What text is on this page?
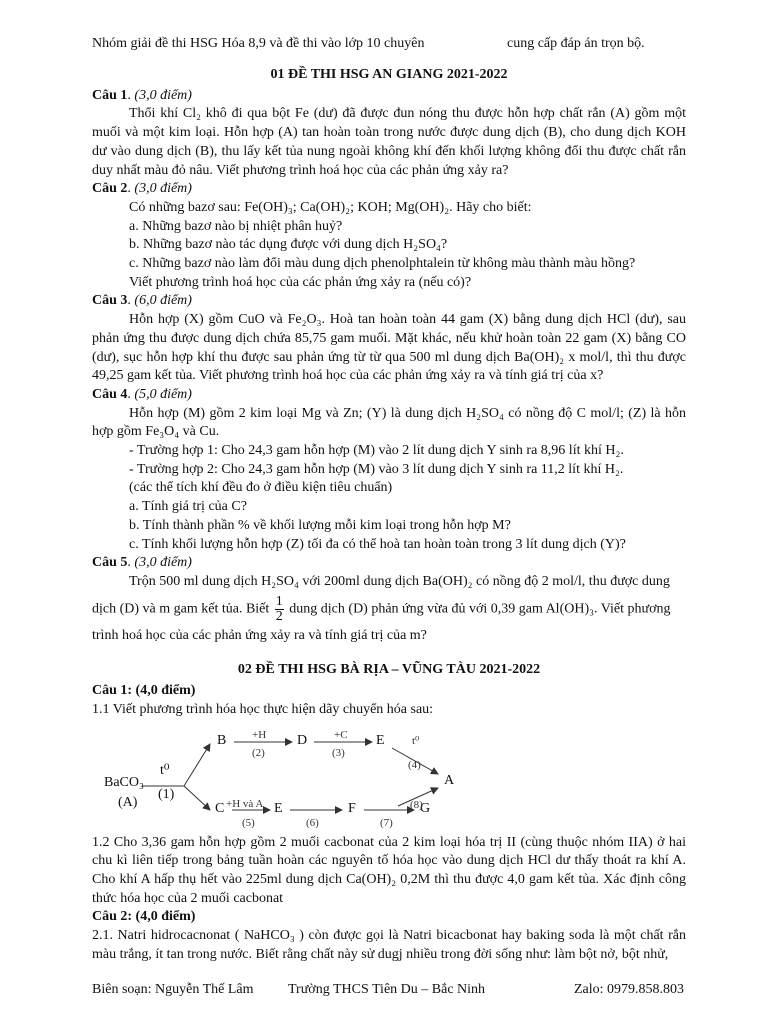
Nhóm giải đề thi HSG Hóa 8,9 và đề thi vào lớp 10 chuyên	cung cấp đáp án trọn bộ.

01 ĐỀ THI HSG AN GIANG 2021-2022

Câu 1. (3,0 điểm)

Thổi khí Cl₂ khô đi qua bột Fe (dư) đã được đun nóng thu được hỗn hợp chất rắn (A) gồm một muối và một kim loại. Hỗn hợp (A) tan hoàn toàn trong nước được dung dịch (B), cho dung dịch KOH dư vào dung dịch (B), thu lấy kết tủa nung ngoài không khí đến khối lượng không đổi thu được chất rắn duy nhất màu đỏ nâu. Viết phương trình hoá học của các phản ứng xảy ra?

Câu 2. (3,0 điểm)

Có những bazơ sau: Fe(OH)₃; Ca(OH)₂; KOH; Mg(OH)₂. Hãy cho biết:

a. Những bazơ nào bị nhiệt phân huỷ?

b. Những bazơ nào tác dụng được với dung dịch H₂SO₄?

c. Những bazơ nào làm đổi màu dung dịch phenolphtalein từ không màu thành màu hồng?

Viết phương trình hoá học của các phản ứng xảy ra (nếu có)?

Câu 3. (6,0 điểm)

Hỗn hợp (X) gồm CuO và Fe₂O₃. Hoà tan hoàn toàn 44 gam (X) bằng dung dịch HCl (dư), sau phản ứng thu được dung dịch chứa 85,75 gam muối. Mặt khác, nếu khử hoàn toàn 22 gam (X) bằng CO (dư), sục hỗn hợp khí thu được sau phản ứng từ từ qua 500 ml dung dịch Ba(OH)₂ x mol/l, thì thu được 49,25 gam kết tủa. Viết phương trình hoá học của các phản ứng xảy ra và tính giá trị của x?

Câu 4. (5,0 điểm)

Hỗn hợp (M) gồm 2 kim loại Mg và Zn; (Y) là dung dịch H₂SO₄ có nồng độ C mol/l; (Z) là hỗn hợp gồm Fe₃O₄ và Cu.

- Trường hợp 1: Cho 24,3 gam hỗn hợp (M) vào 2 lít dung dịch Y sinh ra 8,96 lít khí H₂.

- Trường hợp 2: Cho 24,3 gam hỗn hợp (M) vào 3 lít dung dịch Y sinh ra 11,2 lít khí H₂.

(các thể tích khí đều đo ở điều kiện tiêu chuẩn)

a. Tính giá trị của C?

b. Tính thành phần % về khối lượng mỗi kim loại trong hỗn hợp M?

c. Tính khối lượng hỗn hợp (Z) tối đa có thể hoà tan hoàn toàn trong 3 lít dung dịch (Y)?

Câu 5. (3,0 điểm)

Trộn 500 ml dung dịch H₂SO₄ với 200ml dung dịch Ba(OH)₂ có nồng độ 2 mol/l, thu được dung

dịch (D) và m gam kết tủa. Biết $\frac{1}{2}$ dung dịch (D) phản ứng vừa đủ với 0,39 gam Al(OH)₃. Viết phương

trình hoá học của các phản ứng xảy ra và tính giá trị của m?

02 ĐỀ THI HSG BÀ RỊA – VŨNG TÀU 2021-2022

Câu 1: (4,0 điểm)

1.1 Viết phương trình hóa học thực hiện dãy chuyển hóa sau:

BaCO₃
(A)
t⁰
(1)
B	D	E
C	E	F	G
A
+H
(2)
+C
(3)
t⁰
(4)
+H và A
(5)	(6)	(7)
(8)

1.2 Cho 3,36 gam hỗn hợp gồm 2 muối cacbonat của 2 kim loại hóa trị II (cùng thuộc nhóm IIA) ở hai chu kì liên tiếp trong bảng tuần hoàn các nguyên tố hóa học vào dung dịch HCl dư thấy thoát ra khí A. Cho khí A hấp thụ hết vào 225ml dung dịch Ca(OH)₂ 0,2M thì thu được 4,0 gam kết tủa. Xác định công thức hóa học của 2 muối cacbonat

Câu 2: (4,0 điểm)

2.1. Natri hidrocacnonat ( NaHCO₃ ) còn được gọi là Natri bicacbonat hay baking soda là một chất rắn màu trắng, ít tan trong nước. Biết rằng chất này sử dugj nhiều trong đời sống như: làm bột nở, bột nhử,

Biên soạn: Nguyễn Thế Lâm Trường THCS Tiên Du – Bắc Ninh	Zalo: 0979.858.803
